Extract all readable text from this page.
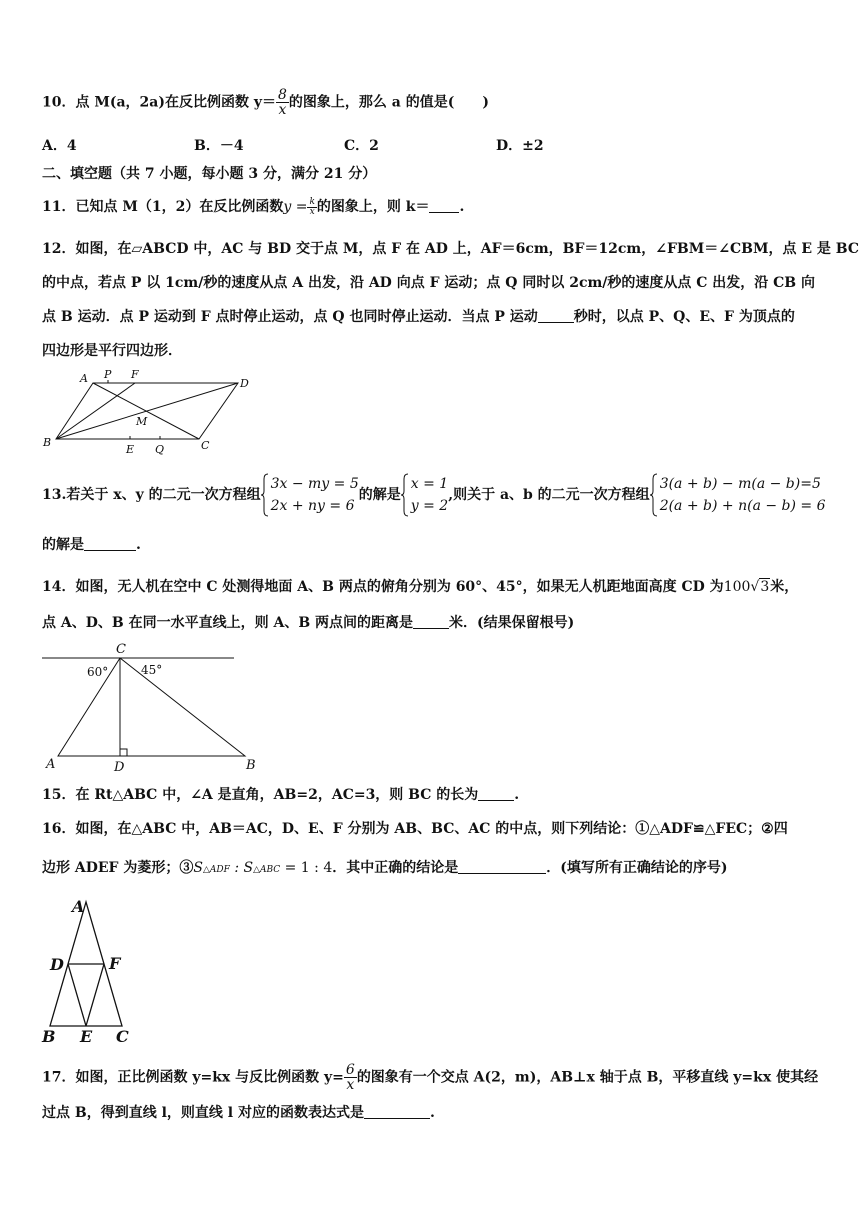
10．点 M(a，2a)在反比例函数 $y= \frac{8}{x}$ 的图象上，那么 a 的值是(　　)
A．4	B．－4	C．2	D．±2
二、填空题（共 7 小题，每小题 3 分，满分 21 分）
11．已知点 M（1，2）在反比例函数$y = \frac{k}{x}$ 的图象上，则 k＝ .
12．如图，在▱ABCD 中，AC 与 BD 交于点 M，点 F 在 AD 上，AF＝6cm，BF＝12cm，∠FBM＝∠CBM，点 E 是 BC
的中点，若点 P 以 1cm/秒的速度从点 A 出发，沿 AD 向点 F 运动；点 Q 同时以 2cm/秒的速度从点 C 出发，沿 CB 向
点 B 运动．点 P 运动到 F 点时停止运动，点 Q 也同时停止运动．当点 P 运动	秒时，以点 P、Q、E、F 为顶点的
四边形是平行四边形．
A P F
D
M
B
E Q	C
13.若关于 x、y 的二元一次方程组
3x − my = 5
2x + ny = 6
的解是
x = 1
y = 2
,则关于 a、b 的二元一次方程组
3(a + b) − m(a − b)=5
2(a + b) + n(a − b) = 6
的解是	.
14．如图，无人机在空中 C 处测得地面 A、B 两点的俯角分别为 60°、45°，如果无人机距地面高度 CD 为100√3米，
点 A、D、B 在同一水平直线上，则 A、B 两点间的距离是	米．(结果保留根号)
C
A	D	B
60°	45°
15．在 Rt△ABC 中，∠A 是直角，AB=2，AC=3，则 BC 的长为	.
16．如图，在△ABC 中，AB＝AC，D、E、F 分别为 AB、BC、AC 的中点，则下列结论：①△ADF≌△FEC；②四
边形 ADEF 为菱形；③S△ADF : S△ABC = 1 : 4．其中正确的结论是	．(填写所有正确结论的序号)
A
D	F
B E C
17．如图，正比例函数 y=kx 与反比例函数 $y= \frac{6}{x}$ 的图象有一个交点 A(2，m)，AB⊥x 轴于点 B，平移直线 y=kx 使其经
过点 B，得到直线 l，则直线 l 对应的函数表达式是	.
